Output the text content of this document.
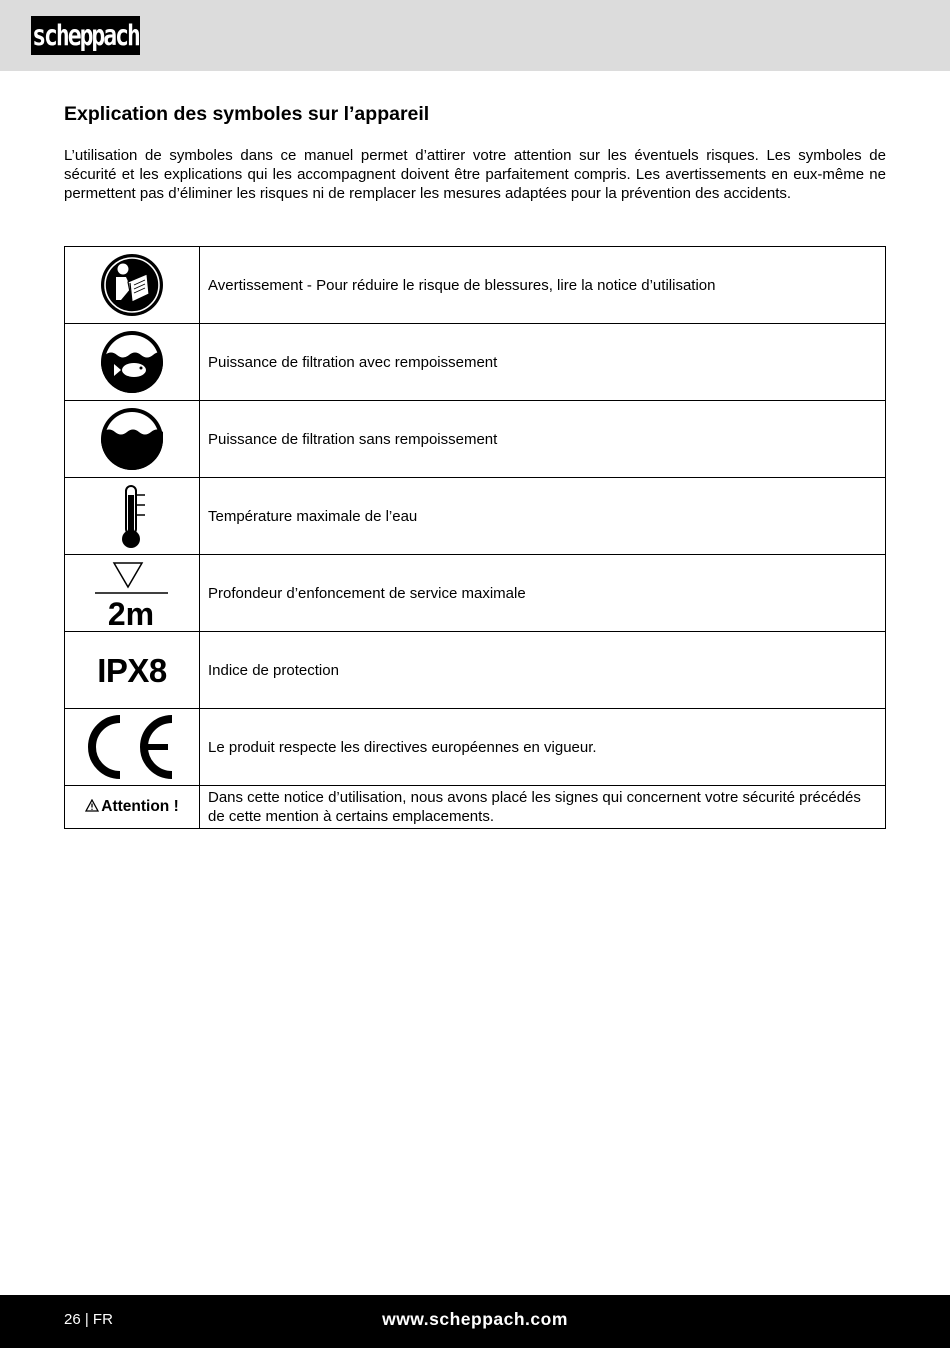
scheppach
Explication des symboles sur l’appareil

L’utilisation de symboles dans ce manuel permet d’attirer votre attention sur les éventuels risques. Les symboles de sécurité et les explications qui les accompagnent doivent être parfaitement compris. Les avertissements en eux-même ne permettent pas d’éliminer les risques ni de remplacer les mesures adaptées pour la prévention des accidents.

	Avertissement - Pour réduire le risque de blessures, lire la notice d’utilisation

	Puissance de filtration avec rempoissement

	Puissance de filtration sans rempoissement

	Température maximale de l’eau

2m	Profondeur d’enfoncement de service maximale

IPX8	Indice de protection

	Le produit respecte les directives européennes en vigueur.
Attention !	Dans cette notice d’utilisation, nous avons placé les signes qui concernent votre sécurité précédés de cette mention à certains emplacements.
26 | FR	www.scheppach.com
